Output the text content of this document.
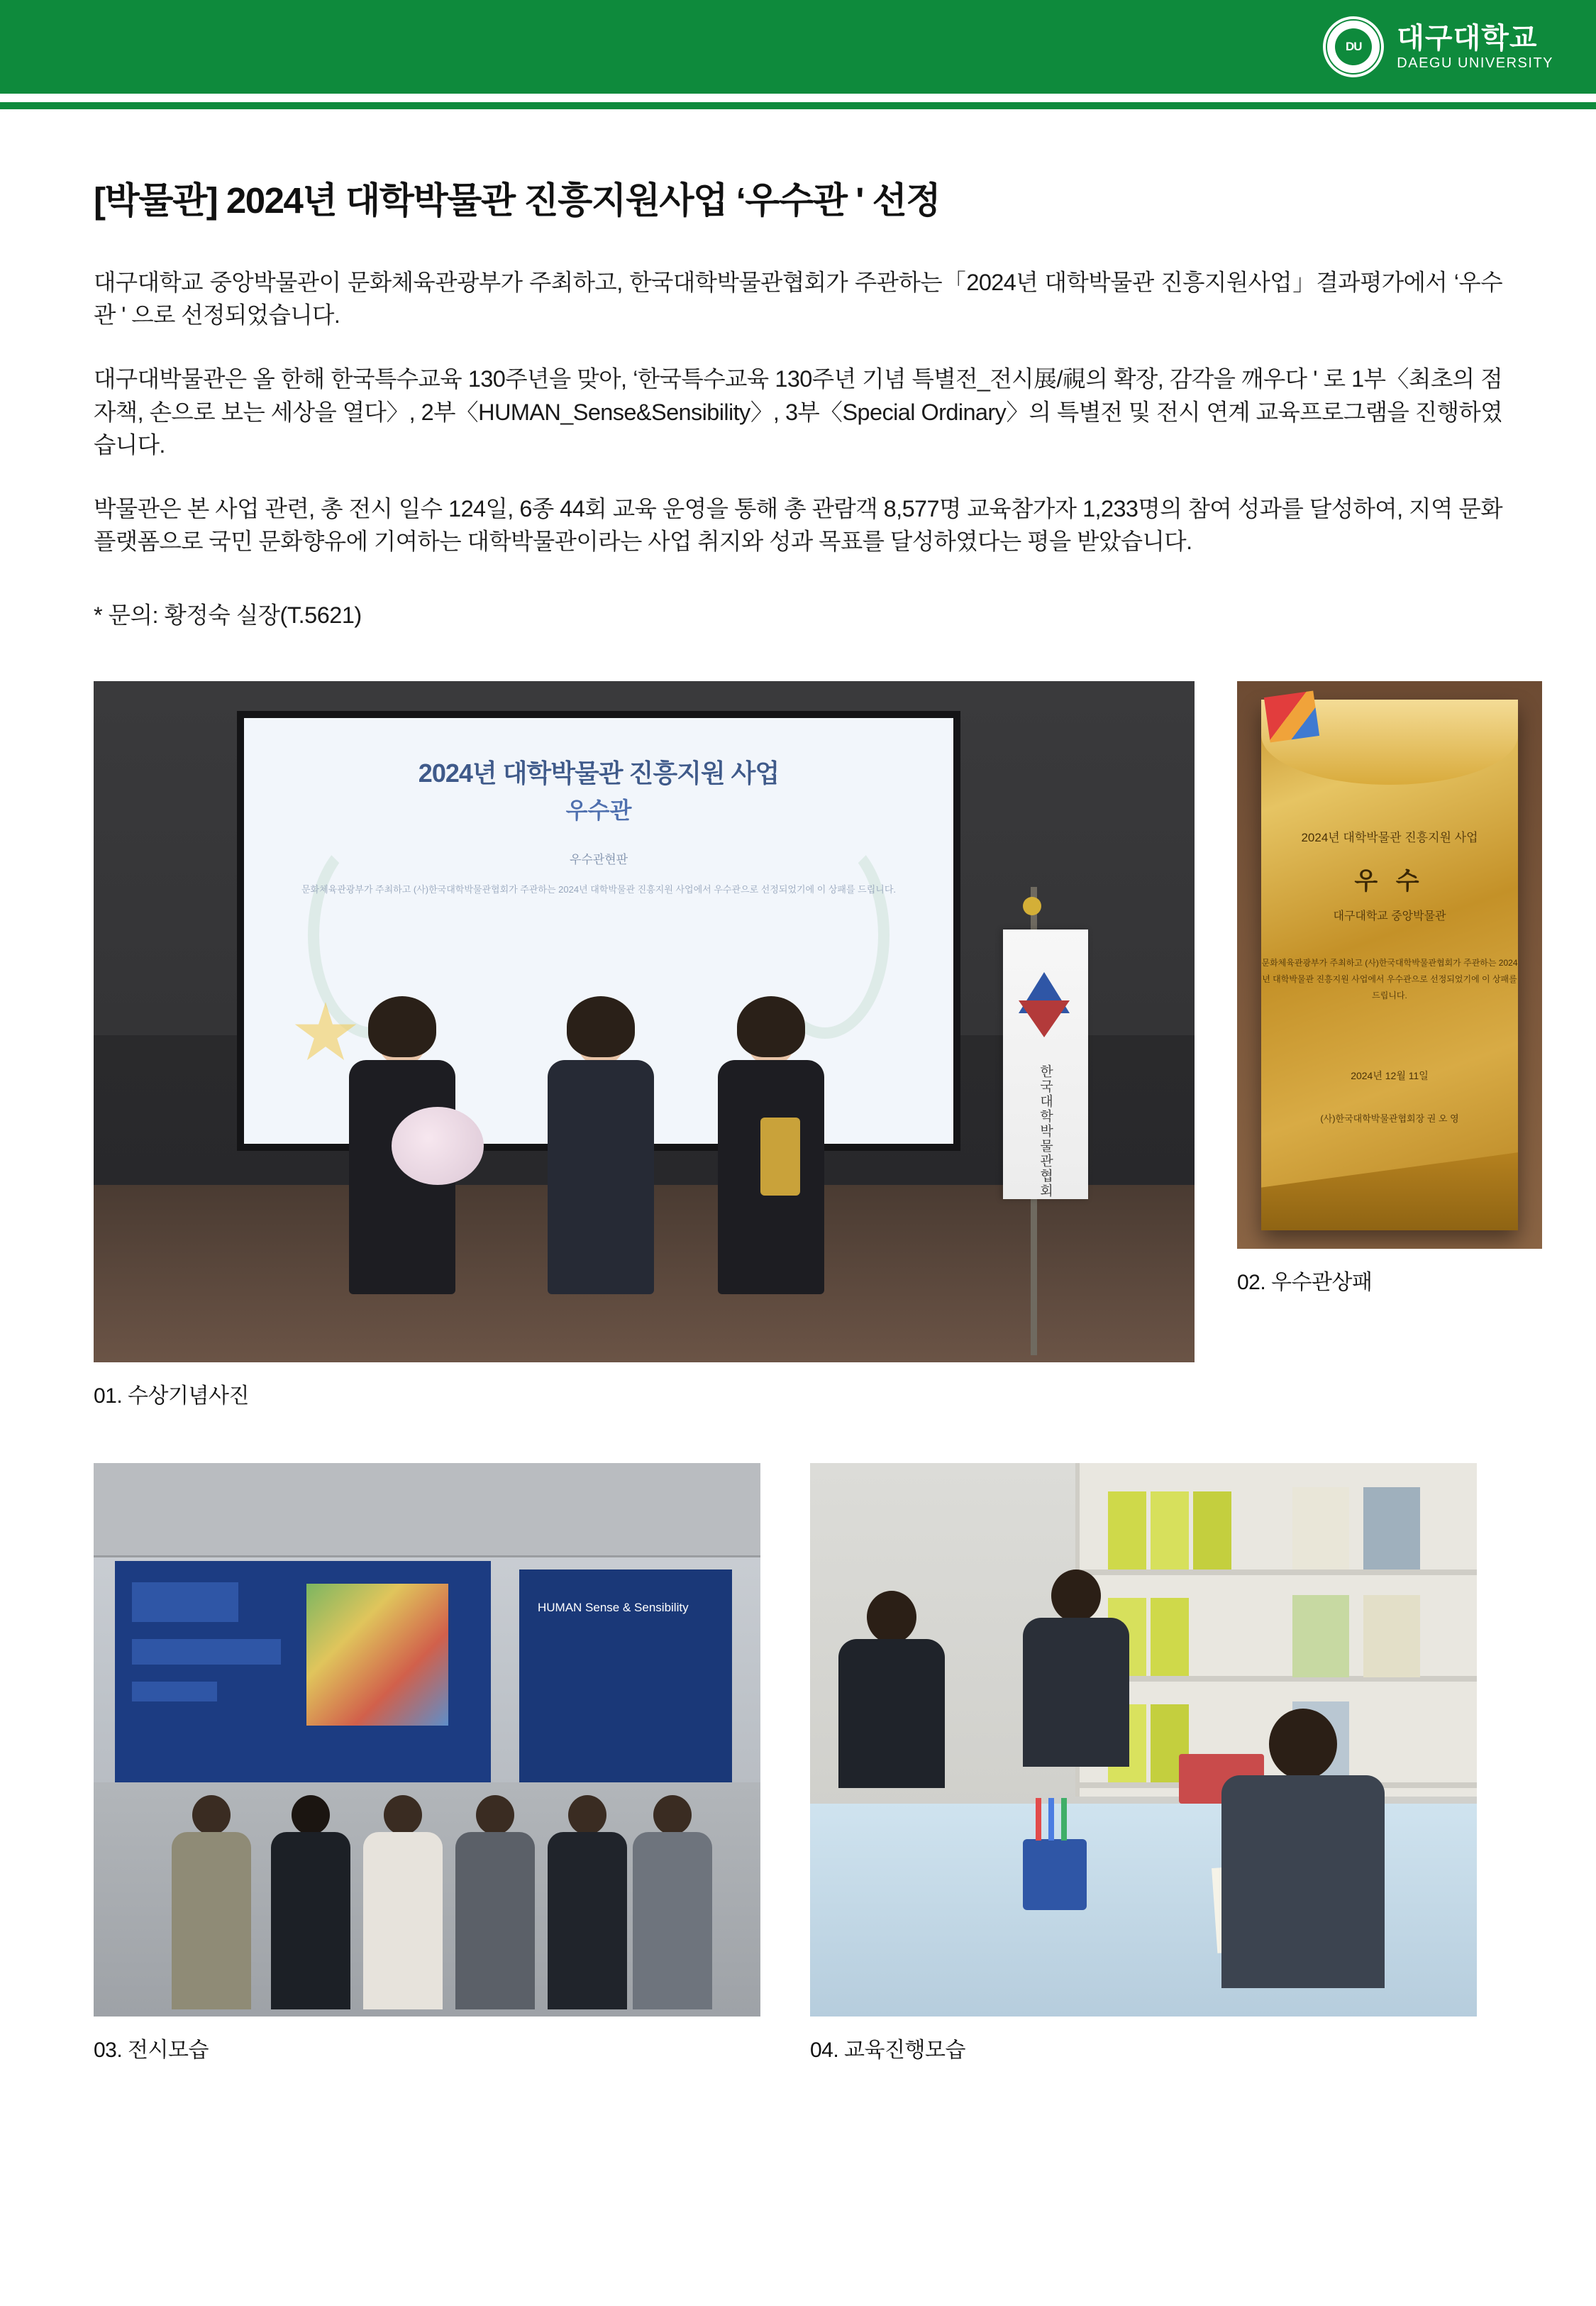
DU	대구대학교
DAEGU UNIVERSITY
[박물관] 2024년 대학박물관 진흥지원사업 ‘우수관 ' 선정

대구대학교 중앙박물관이 문화체육관광부가 주최하고, 한국대학박물관협회가 주관하는「2024년 대학박물관 진흥지원사업」결과평가에서 ‘우수관 ' 으로 선정되었습니다.

대구대박물관은 올 한해 한국특수교육 130주년을 맞아, ‘한국특수교육 130주년 기념 특별전_전시展/視의 확장, 감각을 깨우다 ' 로 1부〈최초의 점자책, 손으로 보는 세상을 열다〉, 2부〈HUMAN_Sense&Sensibility〉, 3부〈Special Ordinary〉의 특별전 및 전시 연계 교육프로그램을 진행하였습니다.

박물관은 본 사업 관련, 총 전시 일수 124일, 6종 44회 교육 운영을 통해 총 관람객 8,577명 교육참가자 1,233명의 참여 성과를 달성하여, 지역 문화플랫폼으로 국민 문화향유에 기여하는 대학박물관이라는 사업 취지와 성과 목표를 달성하였다는 평을 받았습니다.

* 문의: 황정숙 실장(T.5621)
2024년 대학박물관 진흥지원 사업
우수관
우수관현판
문화체육관광부가 주최하고 (사)한국대학박물관협회가 주관하는 2024년 대학박물관 진흥지원 사업에서 우수관으로 선정되었기에 이 상패를 드립니다.
한국대학박물관협회
01. 수상기념사진
2024년 대학박물관 진흥지원 사업
우 수
대구대학교 중앙박물관
문화체육관광부가 주최하고 (사)한국대학박물관협회가 주관하는 2024년 대학박물관 진흥지원 사업에서 우수관으로 선정되었기에 이 상패를 드립니다.
2024년 12월 11일
(사)한국대학박물관협회장 권 오 영
02. 우수관상패
HUMAN Sense & Sensibility
03. 전시모습	04. 교육진행모습
